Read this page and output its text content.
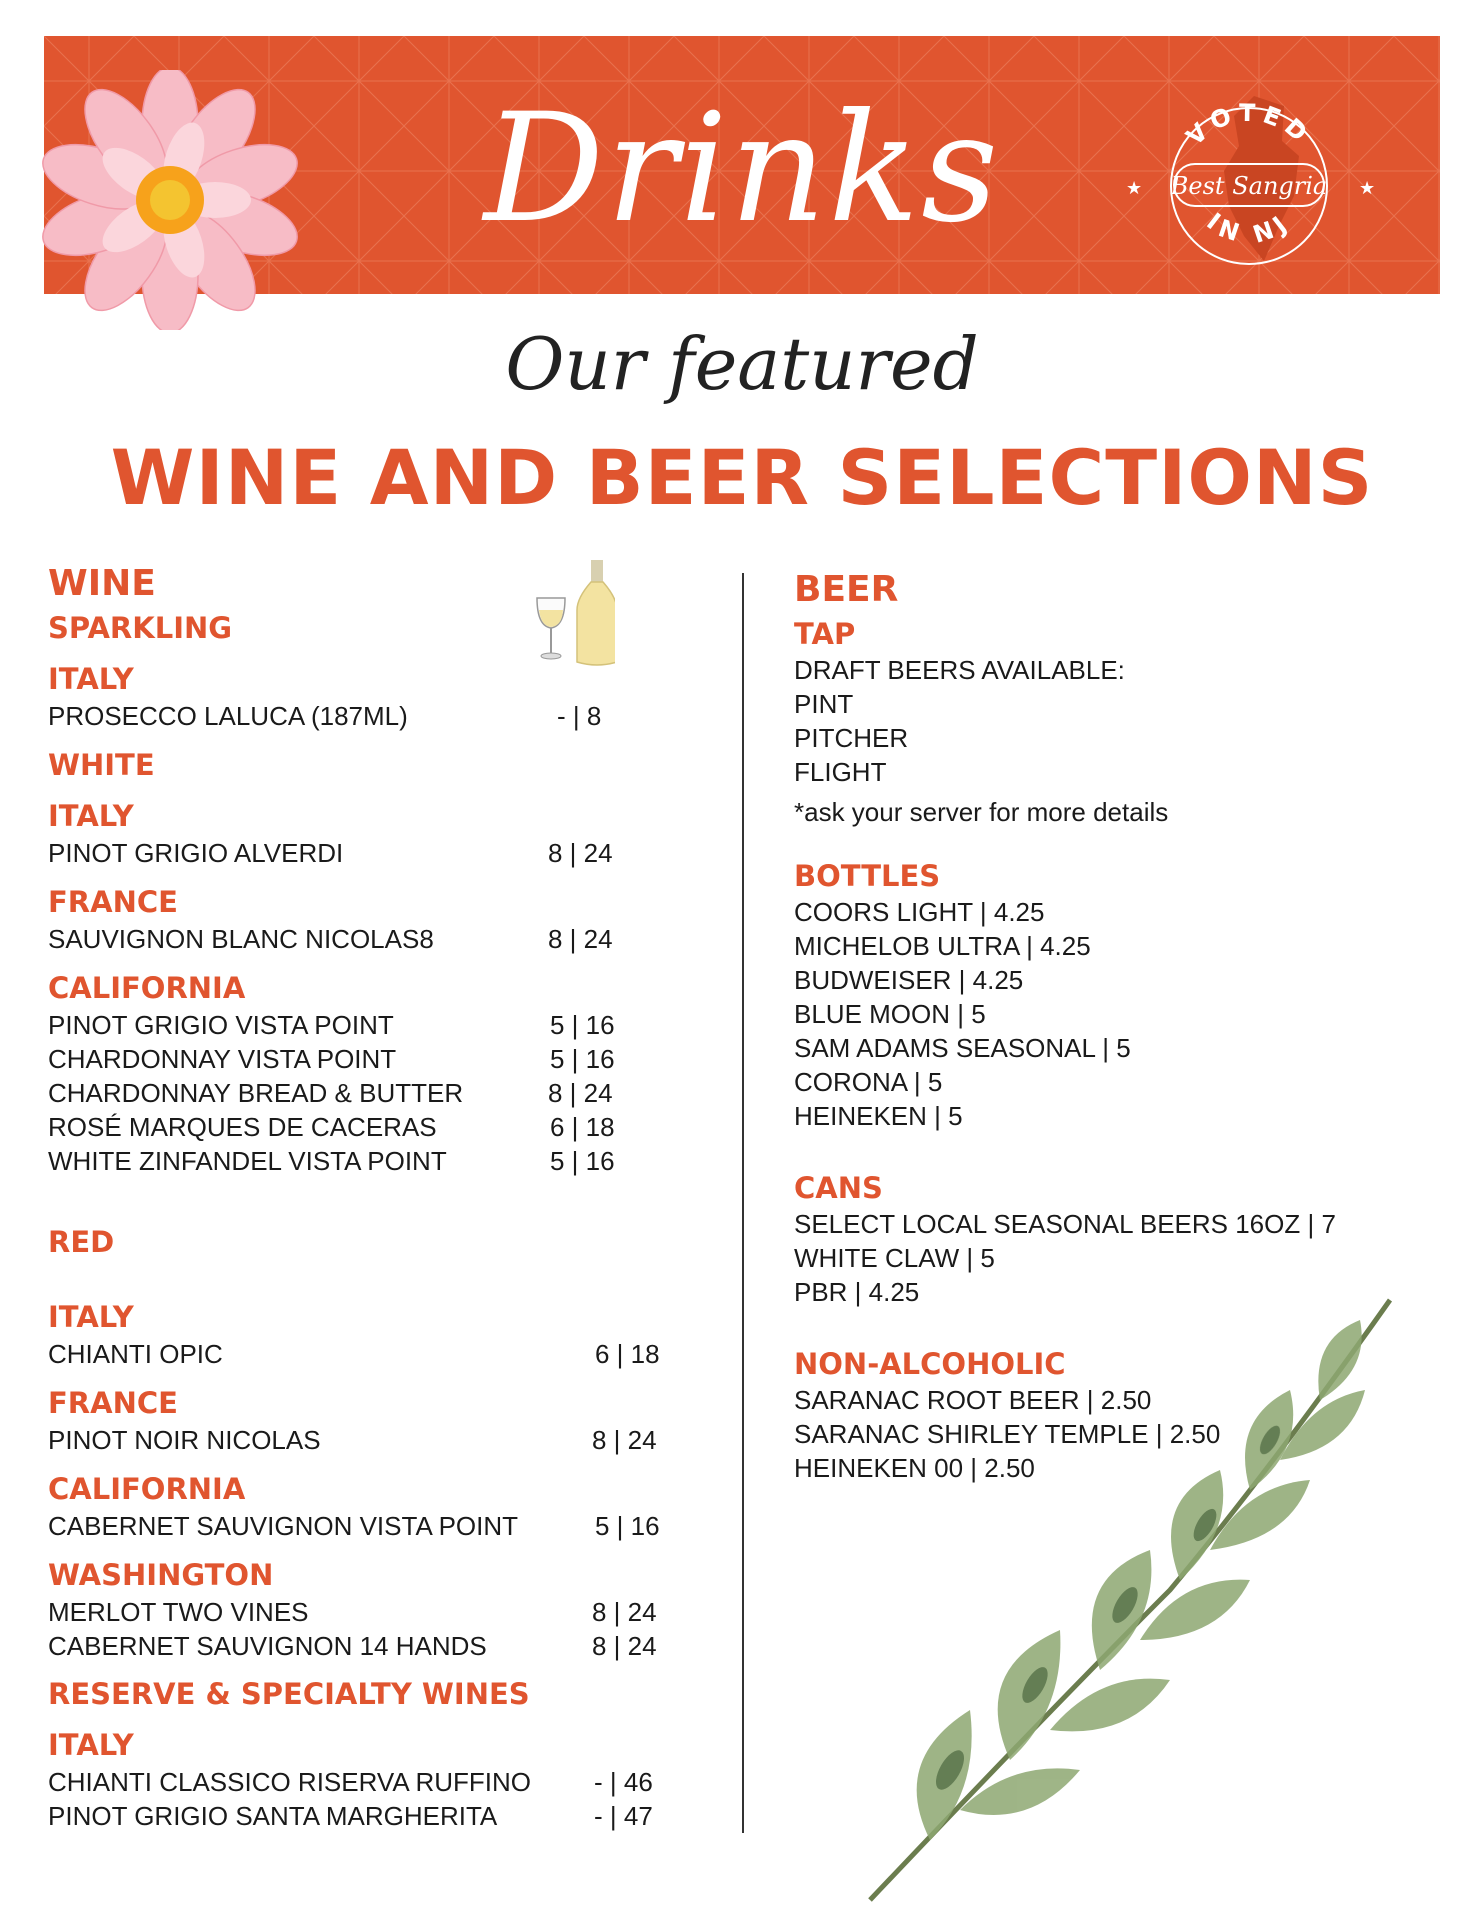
Drinks	VOTED
Best Sangria
IN NJ
★	★
Our featured
WINE AND BEER SELECTIONS
WINE
SPARKLING
ITALY
PROSECCO LALUCA (187ML)	- | 8
WHITE
ITALY
PINOT GRIGIO ALVERDI	8 | 24
FRANCE
SAUVIGNON BLANC NICOLAS8	8 | 24
CALIFORNIA
PINOT GRIGIO VISTA POINT	5 | 16
CHARDONNAY VISTA POINT	5 | 16
CHARDONNAY BREAD & BUTTER	8 | 24
ROSÉ MARQUES DE CACERAS	6 | 18
WHITE ZINFANDEL VISTA POINT	5 | 16
RED
ITALY
CHIANTI OPIC	6 | 18
FRANCE
PINOT NOIR NICOLAS	8 | 24
CALIFORNIA
CABERNET SAUVIGNON VISTA POINT	5 | 16
WASHINGTON
MERLOT TWO VINES	8 | 24
CABERNET SAUVIGNON 14 HANDS	8 | 24
RESERVE & SPECIALTY WINES
ITALY
CHIANTI CLASSICO RISERVA RUFFINO - | 46
PINOT GRIGIO SANTA MARGHERITA	- | 47
BEER
TAP
DRAFT BEERS AVAILABLE:
PINT
PITCHER
FLIGHT
*ask your server for more details
BOTTLES
COORS LIGHT | 4.25
MICHELOB ULTRA | 4.25
BUDWEISER | 4.25
BLUE MOON | 5
SAM ADAMS SEASONAL | 5
CORONA | 5
HEINEKEN | 5
CANS
SELECT LOCAL SEASONAL BEERS 16OZ | 7
WHITE CLAW | 5
PBR | 4.25
NON-ALCOHOLIC
SARANAC ROOT BEER | 2.50
SARANAC SHIRLEY TEMPLE | 2.50
HEINEKEN 00 | 2.50
